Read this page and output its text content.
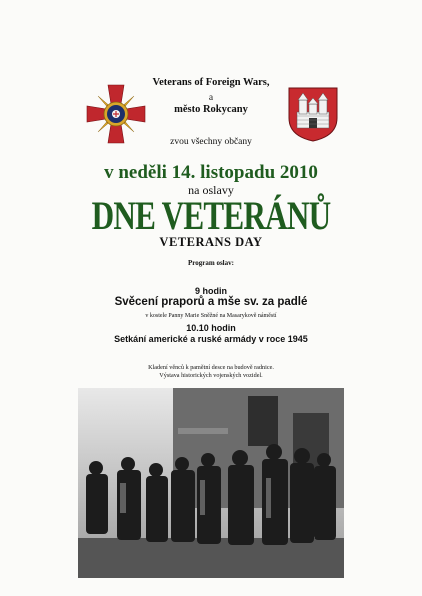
Veterans of Foreign Wars,
a
město Rokycany
zvou všechny občany
v neděli 14. listopadu 2010
na oslavy
DNE VETERÁNŮ
VETERANS DAY
Program oslav:
9 hodin
Svěcení praporů a mše sv. za padlé
v kostele Panny Marie Sněžné na Masarykově náměstí
10.10 hodin
Setkání americké a ruské armády v roce 1945
Kladení věnců k pamětní desce na budově radnice.
Výstava historických vojenských vozidel.
